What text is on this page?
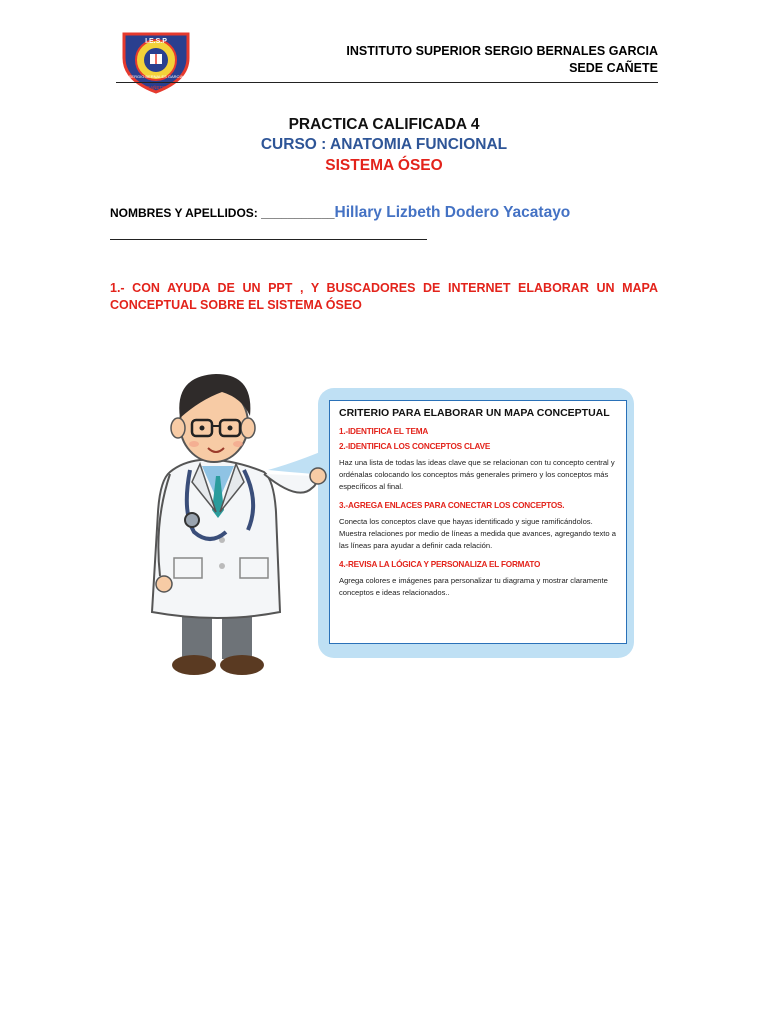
I.E.S.P
SERGIO BERNALES GARCIA
CAÑETE
INSTITUTO SUPERIOR SERGIO BERNALES GARCIA
SEDE CAÑETE
PRACTICA CALIFICADA 4
CURSO : ANATOMIA FUNCIONAL
SISTEMA ÓSEO
NOMBRES Y APELLIDOS: ___________Hillary Lizbeth Dodero Yacatayo
1.- CON AYUDA DE UN PPT , Y BUSCADORES DE INTERNET ELABORAR UN MAPA CONCEPTUAL SOBRE EL SISTEMA ÓSEO
CRITERIO PARA ELABORAR UN MAPA CONCEPTUAL
1.-IDENTIFICA EL TEMA
2.-IDENTIFICA LOS CONCEPTOS CLAVE
Haz una lista de todas las ideas clave que se relacionan con tu concepto central y ordénalas colocando los conceptos más generales primero y los conceptos más específicos al final.
3.-AGREGA ENLACES PARA CONECTAR LOS CONCEPTOS.
Conecta los conceptos clave que hayas identificado y sigue ramificándolos. Muestra relaciones por medio de líneas a medida que avances, agregando texto a las líneas para ayudar a definir cada relación.
4.-REVISA LA LÓGICA Y PERSONALIZA EL FORMATO
Agrega colores e imágenes para personalizar tu diagrama y mostrar claramente conceptos e ideas relacionados..
